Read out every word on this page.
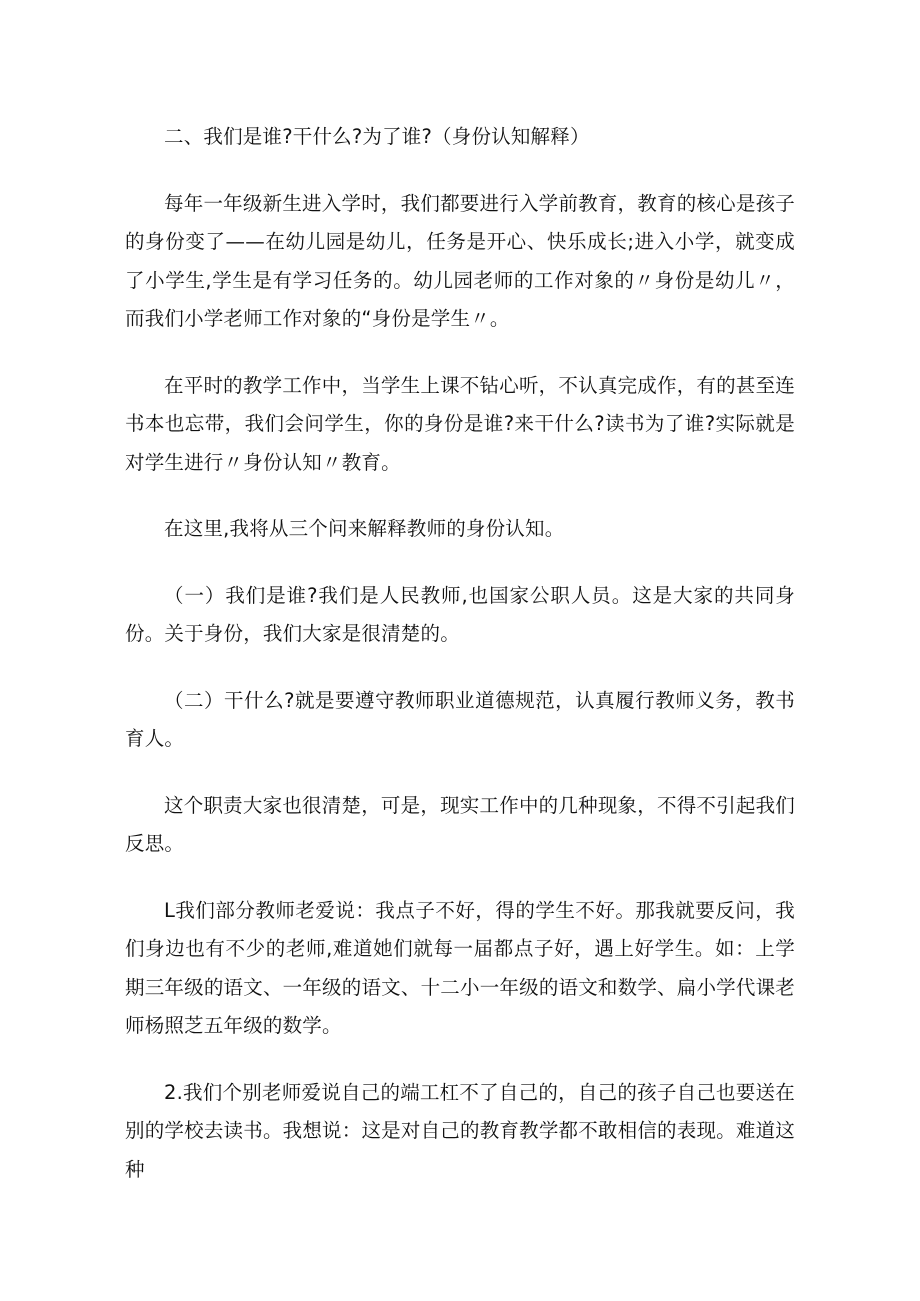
二、我们是谁?干什么?为了谁?（身份认知解释）

每年一年级新生进入学时，我们都要进行入学前教育，教育的核心是孩子的身份变了——在幼儿园是幼儿，任务是开心、快乐成长;进入小学，就变成了小学生,学生是有学习任务的。幼儿园老师的工作对象的〃身份是幼儿〃，而我们小学老师工作对象的“身份是学生〃。

在平时的教学工作中，当学生上课不钻心听，不认真完成作，有的甚至连书本也忘带，我们会问学生，你的身份是谁?来干什么?读书为了谁?实际就是对学生进行〃身份认知〃教育。

在这里,我将从三个问来解释教师的身份认知。

（一）我们是谁?我们是人民教师,也国家公职人员。这是大家的共同身份。关于身份，我们大家是很清楚的。

（二）干什么?就是要遵守教师职业道德规范，认真履行教师义务，教书育人。

这个职责大家也很清楚，可是，现实工作中的几种现象，不得不引起我们反思。

L我们部分教师老爱说：我点子不好，得的学生不好。那我就要反问，我们身边也有不少的老师,难道她们就每一届都点子好，遇上好学生。如：上学期三年级的语文、一年级的语文、十二小一年级的语文和数学、扁小学代课老师杨照芝五年级的数学。

2.我们个别老师爱说自己的端工杠不了自己的，自己的孩子自己也要送在别的学校去读书。我想说：这是对自己的教育教学都不敢相信的表现。难道这种
